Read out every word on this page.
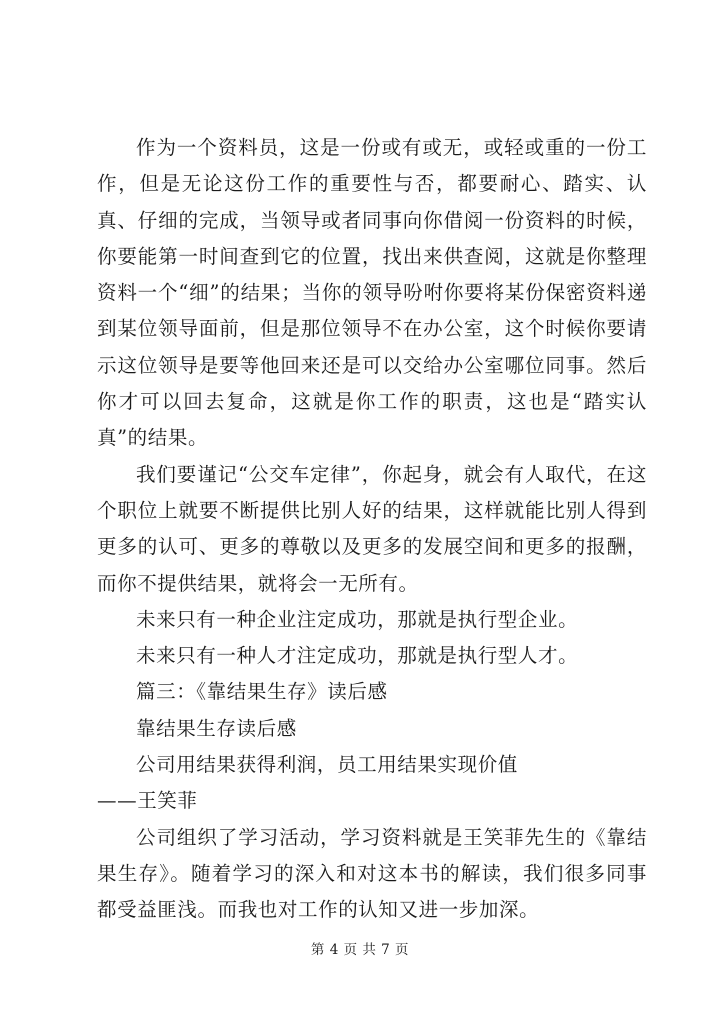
作为一个资料员，这是一份或有或无，或轻或重的一份工作，但是无论这份工作的重要性与否，都要耐心、踏实、认真、仔细的完成，当领导或者同事向你借阅一份资料的时候，你要能第一时间查到它的位置，找出来供查阅，这就是你整理资料一个“细”的结果；当你的领导吩咐你要将某份保密资料递到某位领导面前，但是那位领导不在办公室，这个时候你要请示这位领导是要等他回来还是可以交给办公室哪位同事。然后你才可以回去复命，这就是你工作的职责，这也是“踏实认真”的结果。

我们要谨记“公交车定律”，你起身，就会有人取代，在这个职位上就要不断提供比别人好的结果，这样就能比别人得到更多的认可、更多的尊敬以及更多的发展空间和更多的报酬，而你不提供结果，就将会一无所有。

未来只有一种企业注定成功，那就是执行型企业。

未来只有一种人才注定成功，那就是执行型人才。

篇三：《靠结果生存》读后感

靠结果生存读后感

公司用结果获得利润，员工用结果实现价值

——王笑菲

公司组织了学习活动，学习资料就是王笑菲先生的《靠结果生存》。随着学习的深入和对这本书的解读，我们很多同事都受益匪浅。而我也对工作的认知又进一步加深。

第 4 页 共 7 页
